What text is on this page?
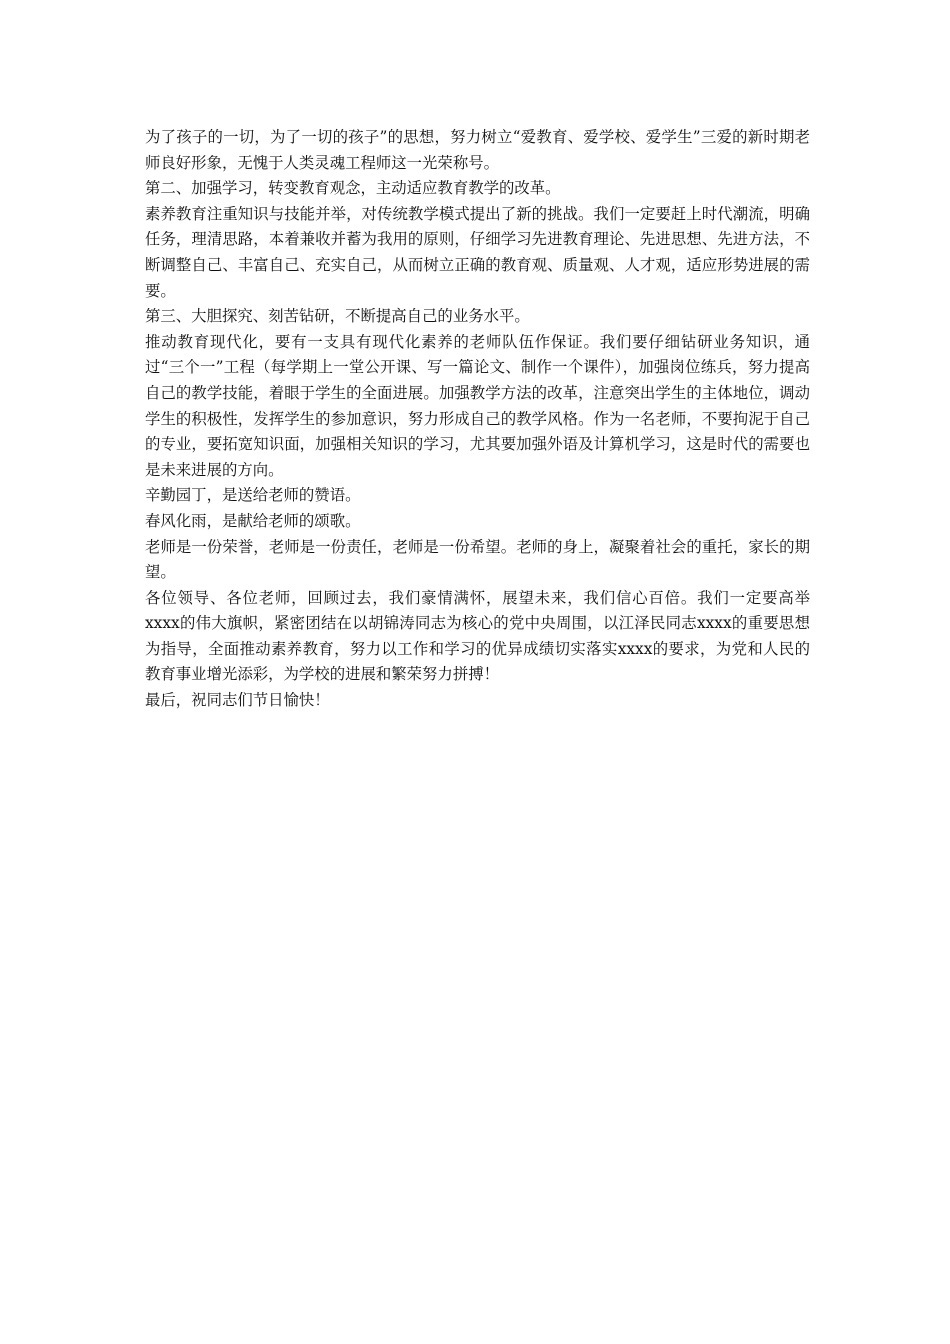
为了孩子的一切，为了一切的孩子”的思想，努力树立“爱教育、爱学校、爱学生”三爱的新时期老师良好形象，无愧于人类灵魂工程师这一光荣称号。

第二、加强学习，转变教育观念，主动适应教育教学的改革。

素养教育注重知识与技能并举，对传统教学模式提出了新的挑战。我们一定要赶上时代潮流，明确任务，理清思路，本着兼收并蓄为我用的原则，仔细学习先进教育理论、先进思想、先进方法，不断调整自己、丰富自己、充实自己，从而树立正确的教育观、质量观、人才观，适应形势进展的需要。

第三、大胆探究、刻苦钻研，不断提高自己的业务水平。

推动教育现代化，要有一支具有现代化素养的老师队伍作保证。我们要仔细钻研业务知识，通过“三个一”工程（每学期上一堂公开课、写一篇论文、制作一个课件），加强岗位练兵，努力提高自己的教学技能，着眼于学生的全面进展。加强教学方法的改革，注意突出学生的主体地位，调动学生的积极性，发挥学生的参加意识，努力形成自己的教学风格。作为一名老师，不要拘泥于自己的专业，要拓宽知识面，加强相关知识的学习，尤其要加强外语及计算机学习，这是时代的需要也是未来进展的方向。

辛勤园丁，是送给老师的赞语。

春风化雨，是献给老师的颂歌。

老师是一份荣誉，老师是一份责任，老师是一份希望。老师的身上，凝聚着社会的重托，家长的期望。

各位领导、各位老师，回顾过去，我们豪情满怀，展望未来，我们信心百倍。我们一定要高举xxxx的伟大旗帜，紧密团结在以胡锦涛同志为核心的党中央周围，以江泽民同志xxxx的重要思想为指导，全面推动素养教育，努力以工作和学习的优异成绩切实落实xxxx的要求，为党和人民的教育事业增光添彩，为学校的进展和繁荣努力拼搏！

最后，祝同志们节日愉快！
